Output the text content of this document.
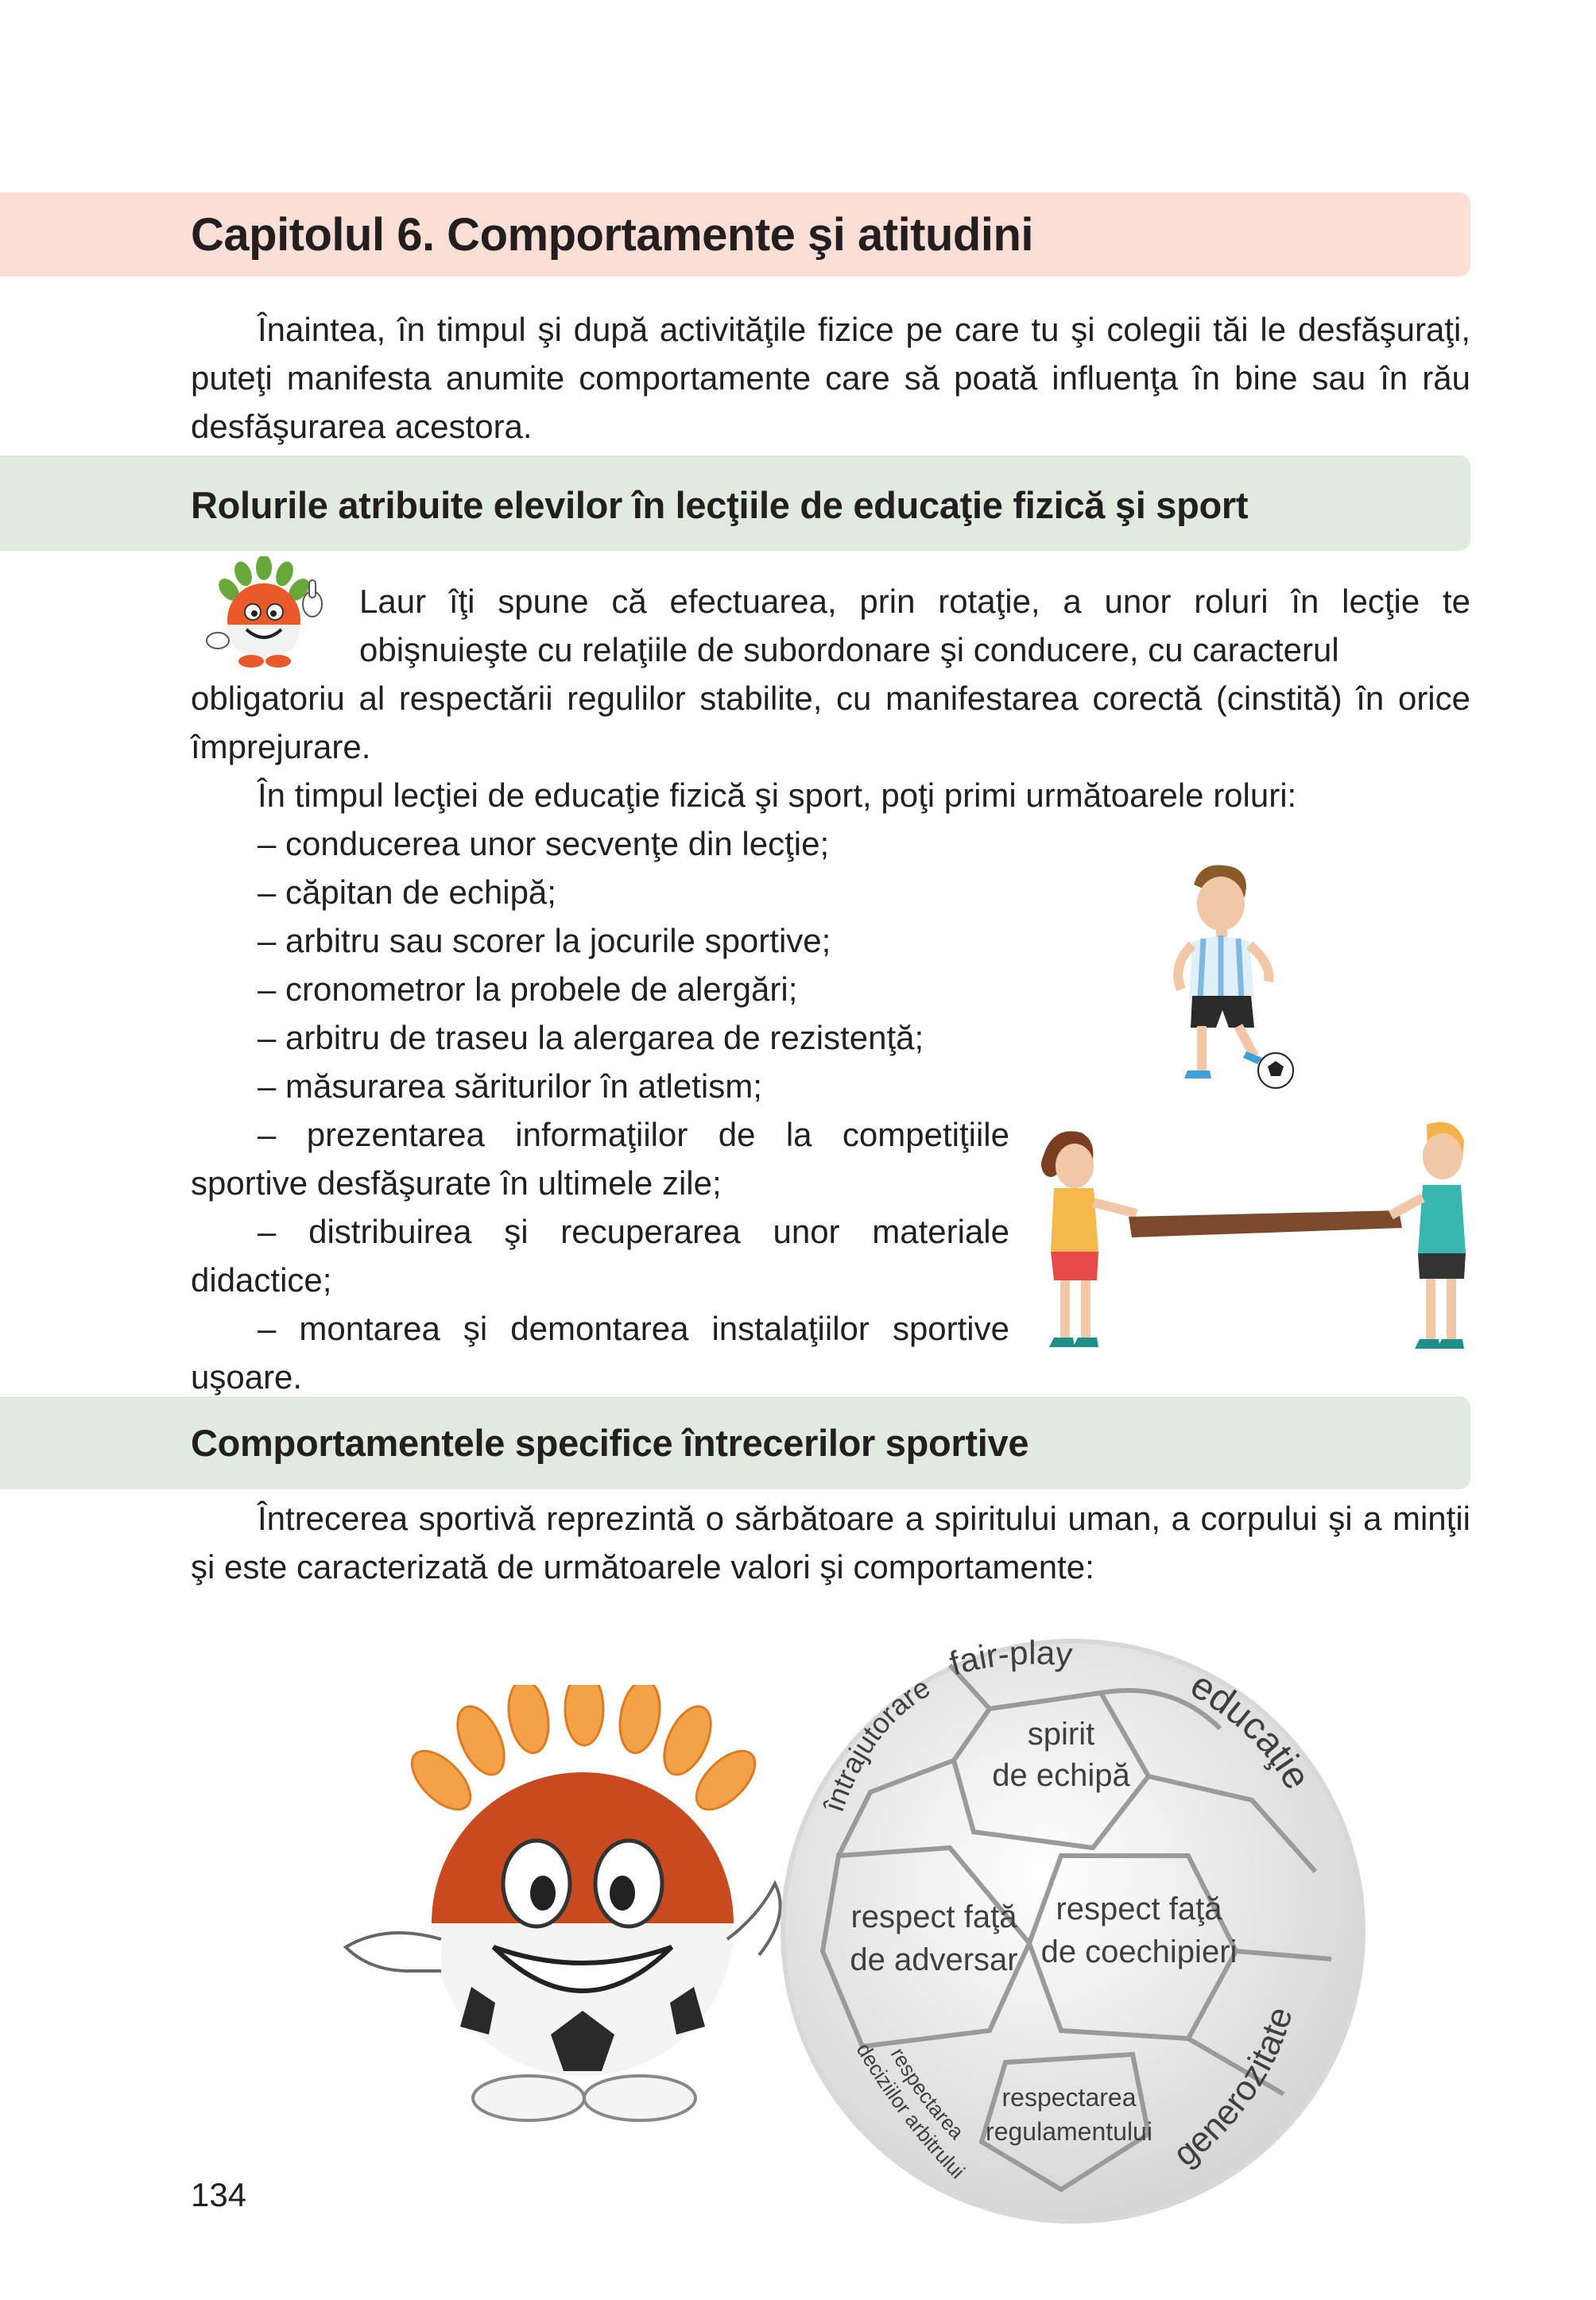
Capitolul 6. Comportamente şi atitudini

Înaintea, în timpul şi după activităţile fizice pe care tu şi colegii tăi le desfăşuraţi, puteţi manifesta anumite comportamente care să poată influenţa în bine sau în rău desfăşurarea acestora.

Rolurile atribuite elevilor în lecţiile de educaţie fizică şi sport

Laur îţi spune că efectuarea, prin rotaţie, a unor roluri în lecţie te obişnuieşte cu relaţiile de subordonare şi conducere, cu caracterul

obligatoriu al respectării regulilor stabilite, cu manifestarea corectă (cinstită) în orice împrejurare.

În timpul lecţiei de educaţie fizică şi sport, poţi primi următoarele roluri:

– conducerea unor secvenţe din lecţie;
– căpitan de echipă;
– arbitru sau scorer la jocurile sportive;
– cronometror la probele de alergări;
– arbitru de traseu la alergarea de rezistenţă;
– măsurarea săriturilor în atletism;
– prezentarea informaţiilor de la competiţiile sportive desfăşurate în ultimele zile;
– distribuirea şi recuperarea unor materiale didactice;
– montarea şi demontarea instalaţiilor sportive uşoare.
Comportamentele specifice întrecerilor sportive

Întrecerea sportivă reprezintă o sărbătoare a spiritului uman, a corpului şi a minţii şi este caracterizată de următoarele valori şi comportamente:

fair-play
spirit
de echipă
educaţie
întrajutorare
respect faţă
de adversar
respect faţă
de coechipieri
respectarea
deciziilor arbitrului
respectarea
regulamentului generozitate

134
